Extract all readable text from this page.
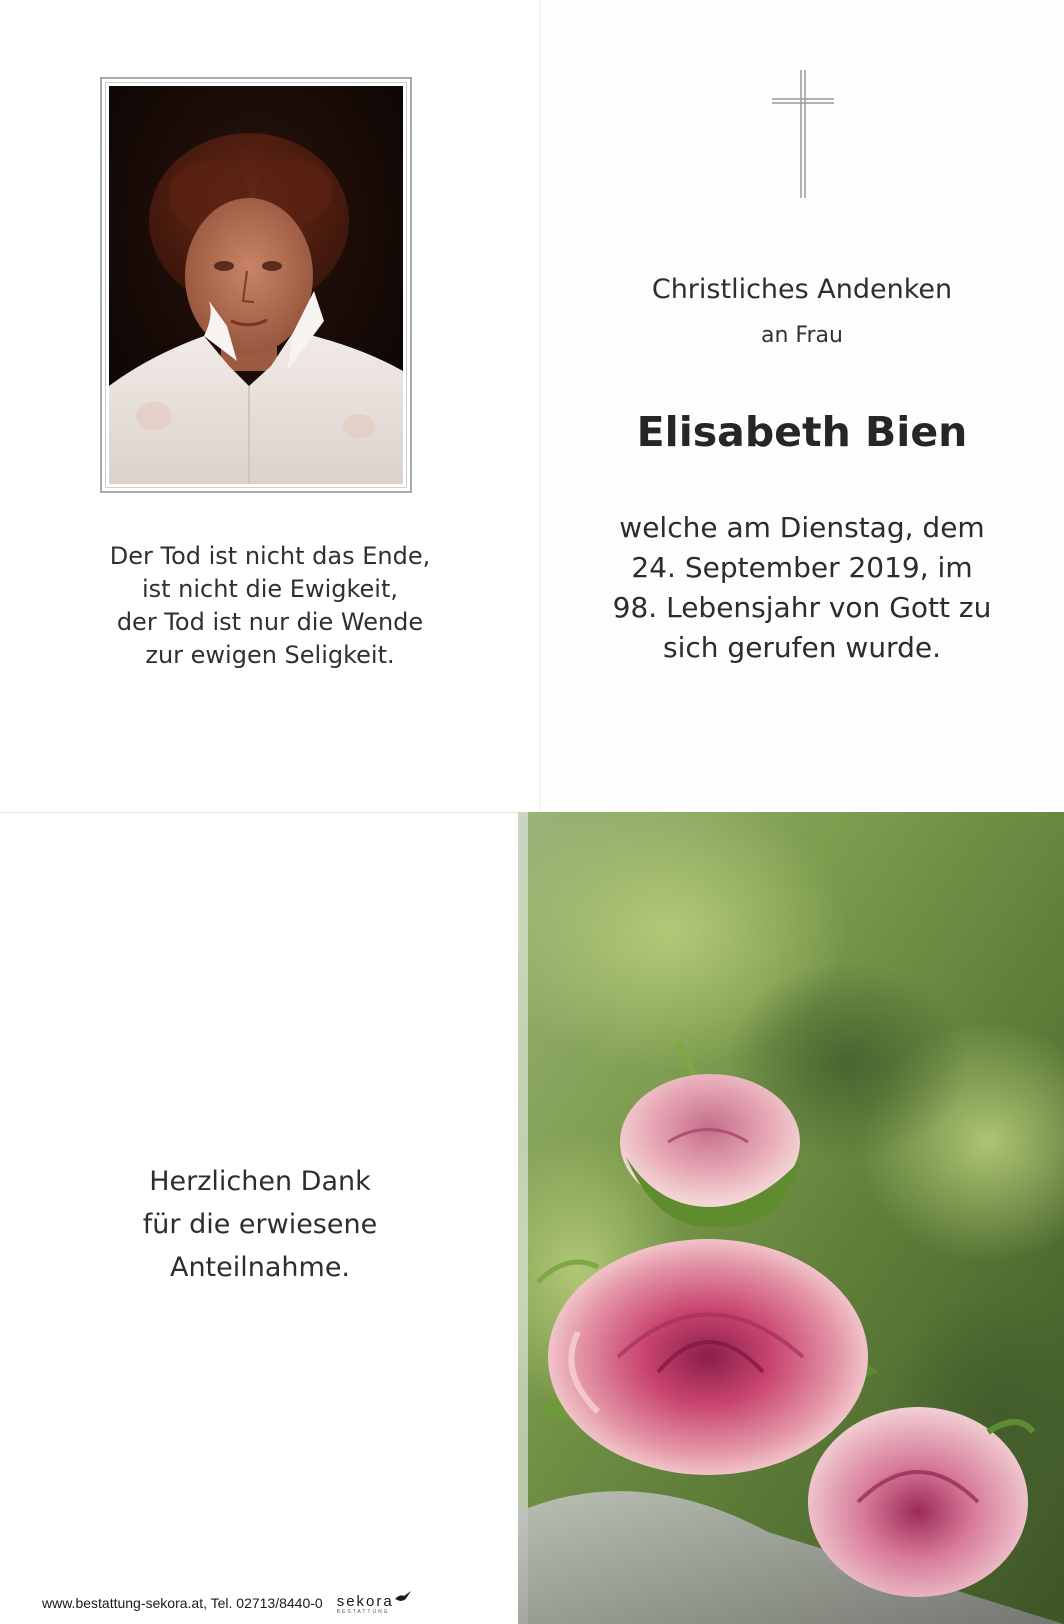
Der Tod ist nicht das Ende,
ist nicht die Ewigkeit,
der Tod ist nur die Wende
zur ewigen Seligkeit.
Christliches Andenken
an Frau
Elisabeth Bien
welche am Dienstag, dem
24. September 2019, im
98. Lebensjahr von Gott zu
sich gerufen wurde.
Herzlichen Dank
für die erwiesene
Anteilnahme.
www.bestattung-sekora.at, Tel. 02713/8440-0 sekora
BESTATTUNG
